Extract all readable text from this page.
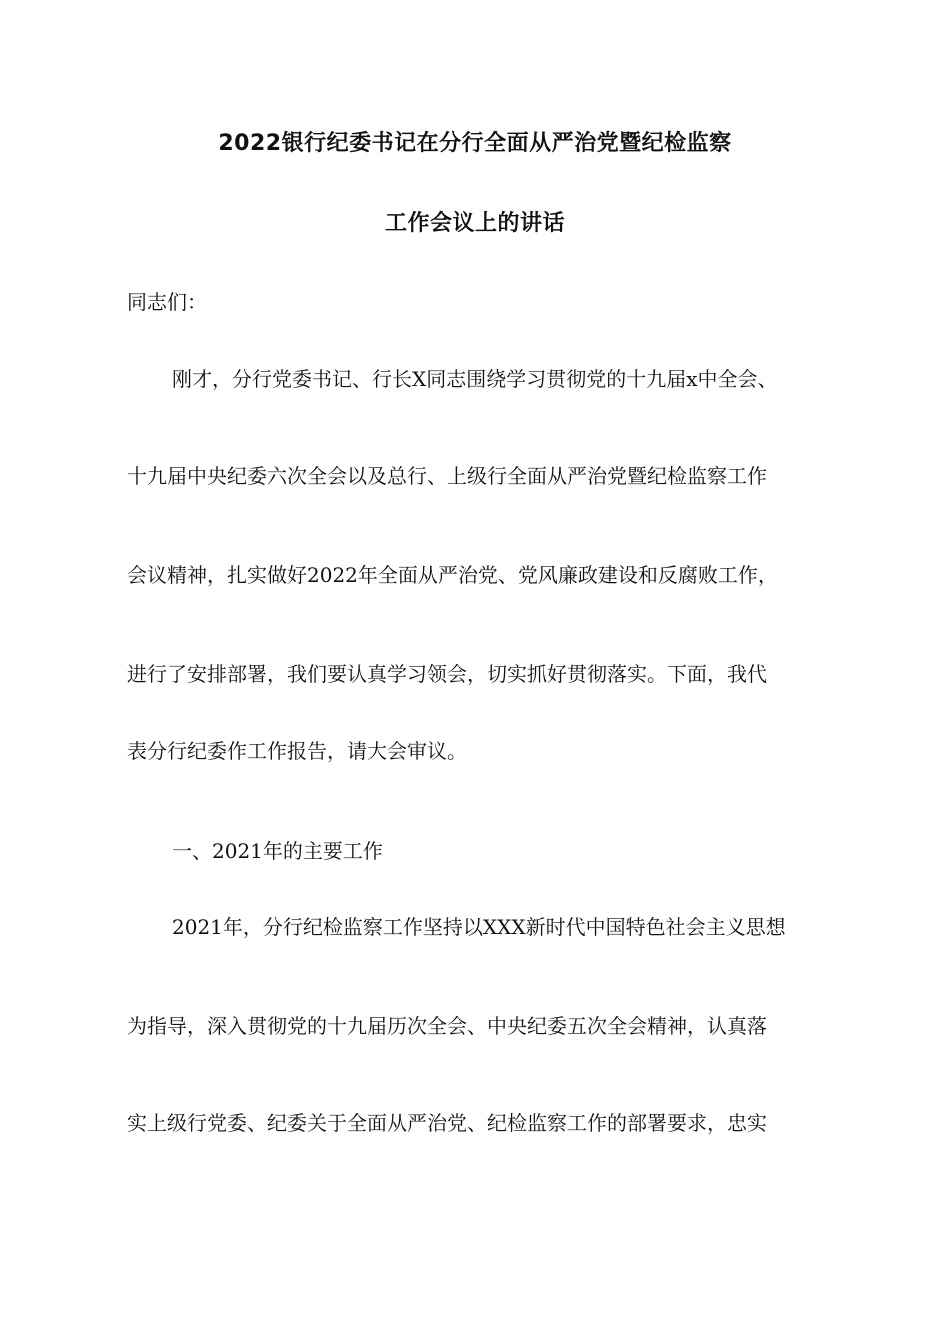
2022银行纪委书记在分行全面从严治党暨纪检监察
工作会议上的讲话

同志们：

刚才，分行党委书记、行长X同志围绕学习贯彻党的十九届x中全会、

十九届中央纪委六次全会以及总行、上级行全面从严治党暨纪检监察工作

会议精神，扎实做好2022年全面从严治党、党风廉政建设和反腐败工作，

进行了安排部署，我们要认真学习领会，切实抓好贯彻落实。下面，我代

表分行纪委作工作报告，请大会审议。

一、2021年的主要工作

2021年，分行纪检监察工作坚持以XXX新时代中国特色社会主义思想

为指导，深入贯彻党的十九届历次全会、中央纪委五次全会精神，认真落

实上级行党委、纪委关于全面从严治党、纪检监察工作的部署要求，忠实
